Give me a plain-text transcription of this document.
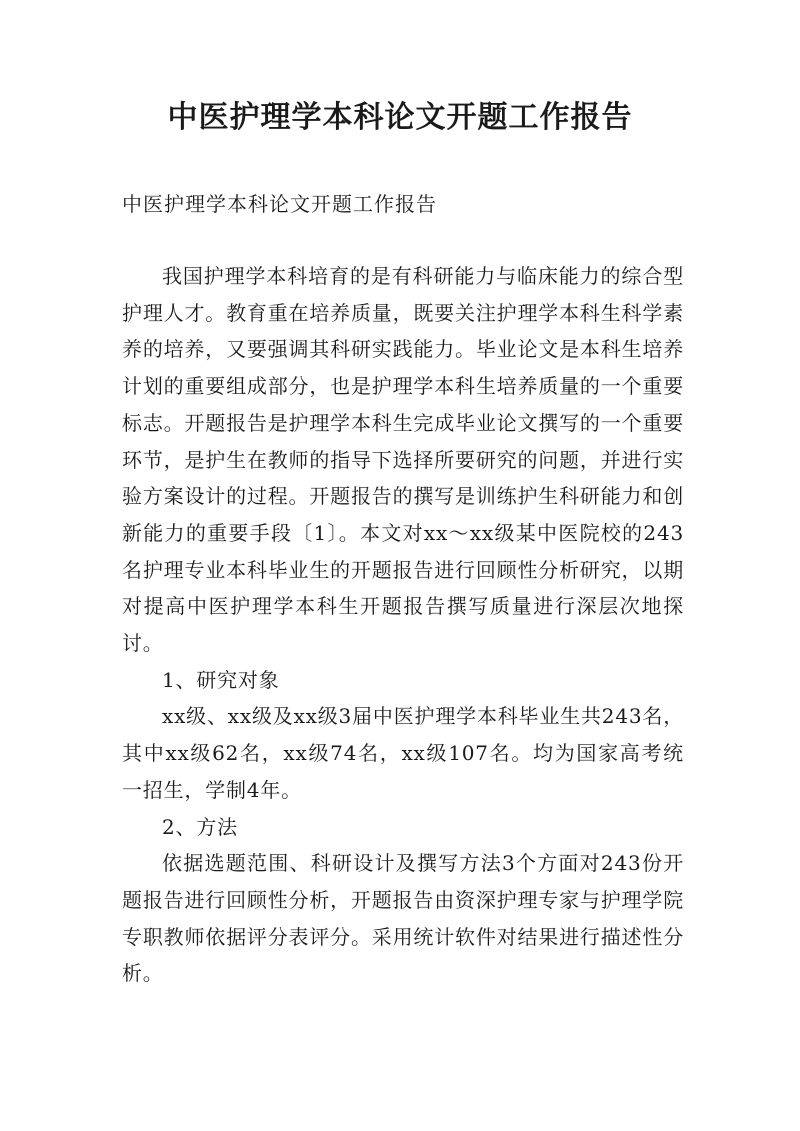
中医护理学本科论文开题工作报告

中医护理学本科论文开题工作报告

我国护理学本科培育的是有科研能力与临床能力的综合型护理人才。教育重在培养质量，既要关注护理学本科生科学素养的培养，又要强调其科研实践能力。毕业论文是本科生培养计划的重要组成部分，也是护理学本科生培养质量的一个重要标志。开题报告是护理学本科生完成毕业论文撰写的一个重要环节，是护生在教师的指导下选择所要研究的问题，并进行实验方案设计的过程。开题报告的撰写是训练护生科研能力和创新能力的重要手段〔1〕。本文对xx～xx级某中医院校的243名护理专业本科毕业生的开题报告进行回顾性分析研究，以期对提高中医护理学本科生开题报告撰写质量进行深层次地探讨。

1、研究对象

xx级、xx级及xx级3届中医护理学本科毕业生共243名，其中xx级62名，xx级74名，xx级107名。均为国家高考统一招生，学制4年。

2、方法

依据选题范围、科研设计及撰写方法3个方面对243份开题报告进行回顾性分析，开题报告由资深护理专家与护理学院专职教师依据评分表评分。采用统计软件对结果进行描述性分析。
